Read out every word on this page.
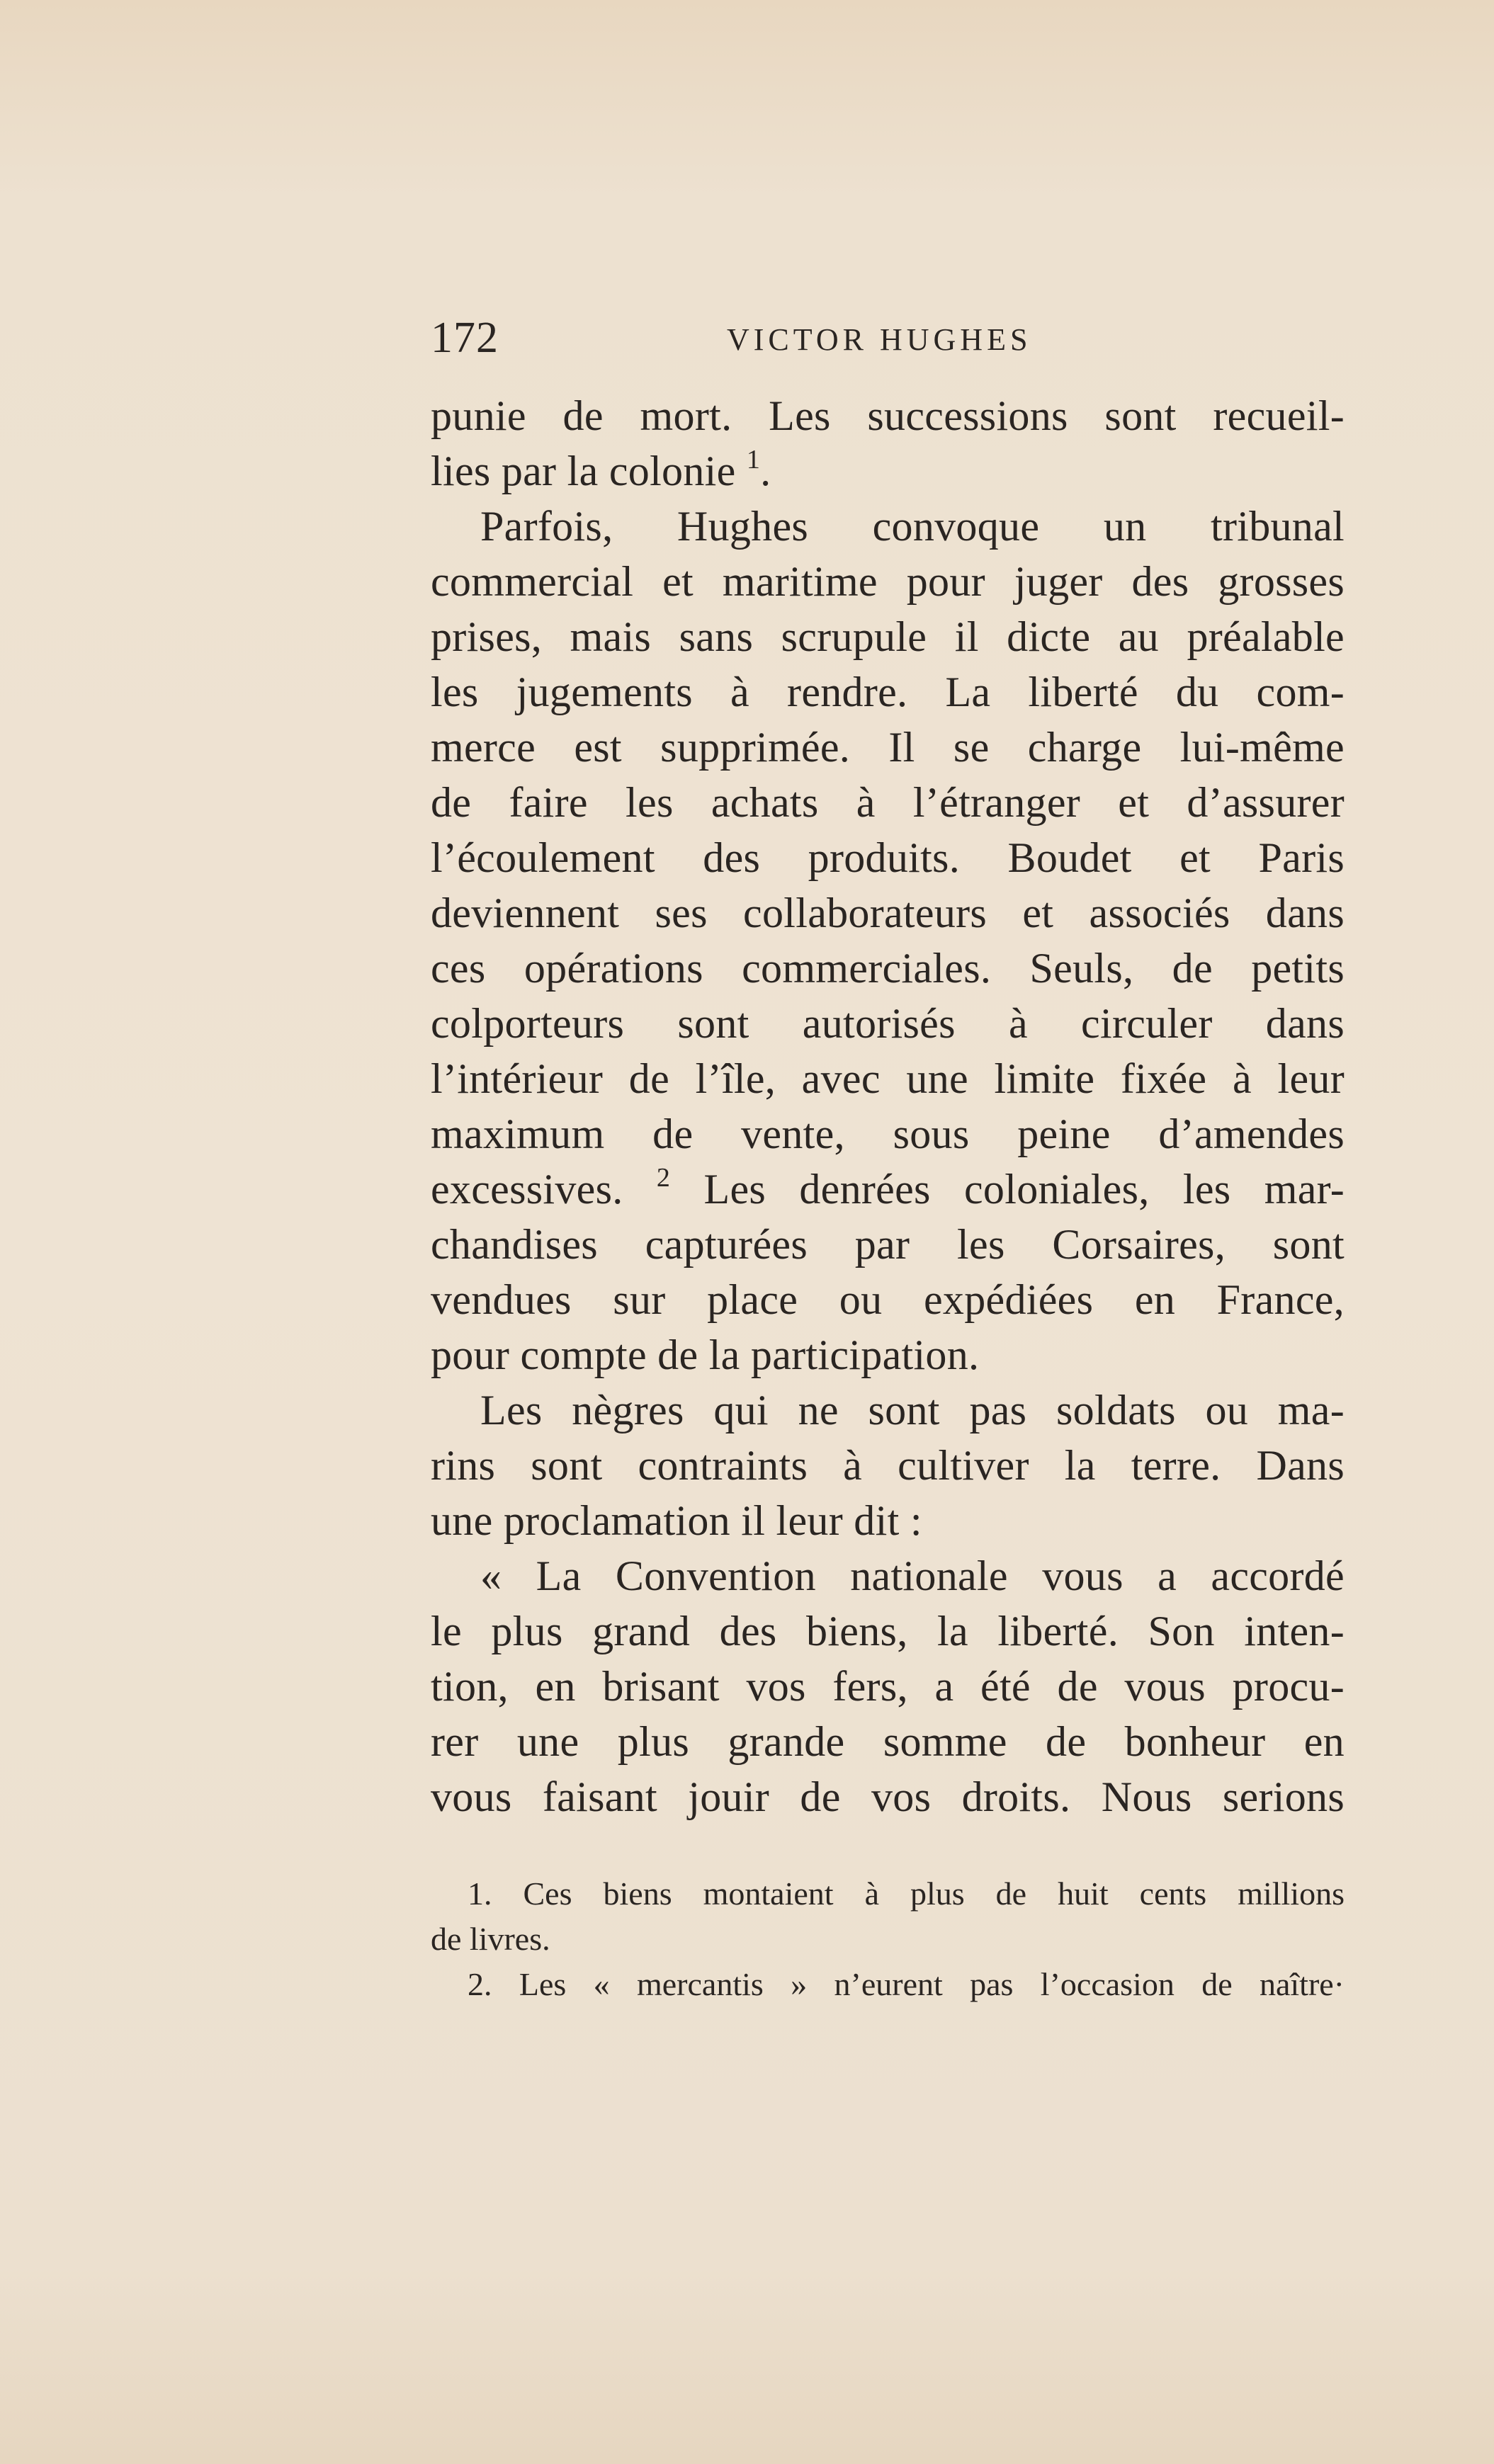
172	VICTOR HUGHES
punie de mort. Les successions sont recueil-
lies par la colonie $^1$.
Parfois, Hughes convoque un tribunal
commercial et maritime pour juger des grosses
prises, mais sans scrupule il dicte au préalable
les jugements à rendre. La liberté du com-
merce est supprimée. Il se charge lui-même
de faire les achats à l’étranger et d’assurer
l’écoulement des produits. Boudet et Paris
deviennent ses collaborateurs et associés dans
ces opérations commerciales. Seuls, de petits
colporteurs sont autorisés à circuler dans
l’intérieur de l’île, avec une limite fixée à leur
maximum de vente, sous peine d’amendes
excessives. $^2$ Les denrées coloniales, les mar-
chandises capturées par les Corsaires, sont
vendues sur place ou expédiées en France,
pour compte de la participation.
Les nègres qui ne sont pas soldats ou ma-
rins sont contraints à cultiver la terre. Dans
une proclamation il leur dit :
« La Convention nationale vous a accordé
le plus grand des biens, la liberté. Son inten-
tion, en brisant vos fers, a été de vous procu-
rer une plus grande somme de bonheur en
vous faisant jouir de vos droits. Nous serions
1. Ces biens montaient à plus de huit cents millions
de livres.
2. Les « mercantis » n’eurent pas l’occasion de naître·
